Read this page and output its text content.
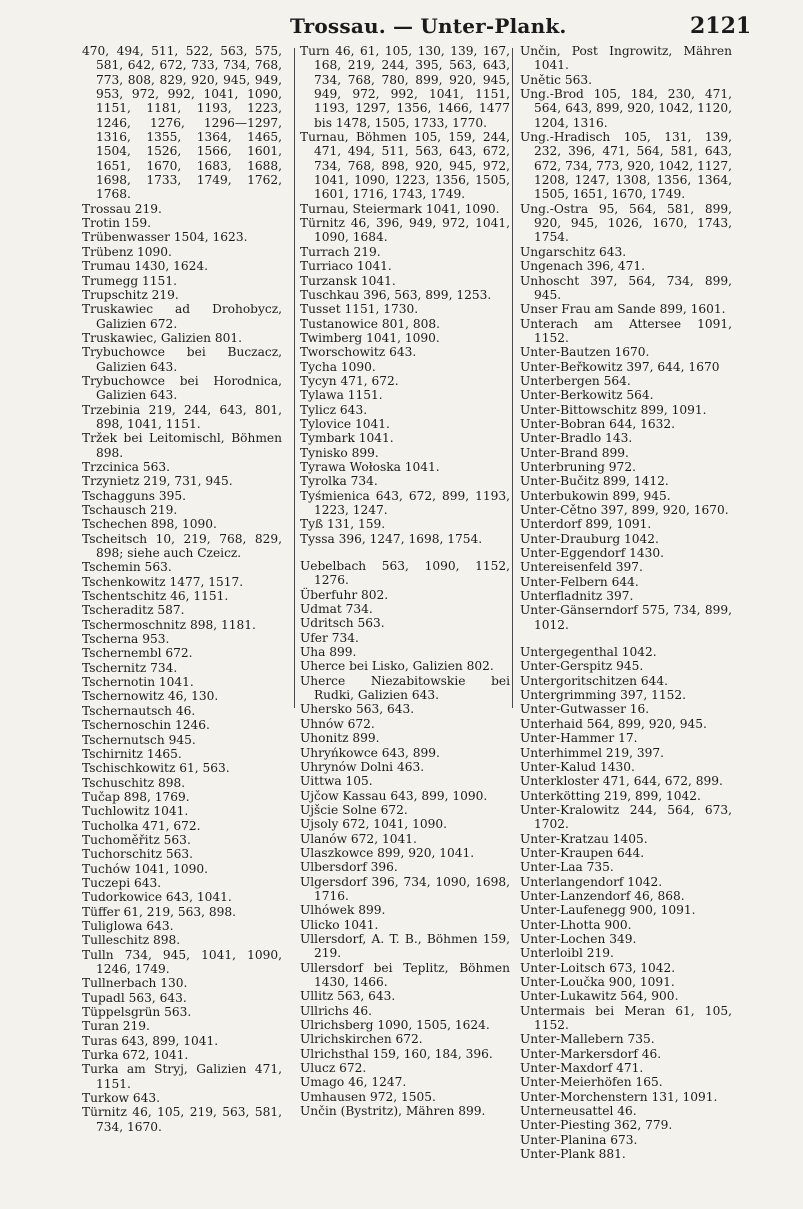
Trossau. — Unter-Plank.	2121
470, 494, 511, 522, 563, 575, 581, 642, 672, 733, 734, 768, 773, 808, 829, 920, 945, 949, 953, 972, 992, 1041, 1090, 1151, 1181, 1193, 1223, 1246, 1276, 1296—1297, 1316, 1355, 1364, 1465, 1504, 1526, 1566, 1601, 1651, 1670, 1683, 1688, 1698, 1733, 1749, 1762, 1768.
Trossau 219.
Trotin 159.
Trübenwasser 1504, 1623.
Trübenz 1090.
Trumau 1430, 1624.
Trumegg 1151.
Trupschitz 219.
Truskawiec ad Drohobycz, Galizien 672.
Truskawiec, Galizien 801.
Trybuchowce bei Buczacz, Galizien 643.
Trybuchowce bei Horodnica, Galizien 643.
Trzebinia 219, 244, 643, 801, 898, 1041, 1151.
Tržek bei Leitomischl, Böhmen 898.
Trzcinica 563.
Trzynietz 219, 731, 945.
Tschagguns 395.
Tschausch 219.
Tschechen 898, 1090.
Tscheitsch 10, 219, 768, 829, 898; siehe auch Czeicz.
Tschemin 563.
Tschenkowitz 1477, 1517.
Tschentschitz 46, 1151.
Tscheraditz 587.
Tschermoschnitz 898, 1181.
Tscherna 953.
Tschernembl 672.
Tschernitz 734.
Tschernotin 1041.
Tschernowitz 46, 130.
Tschernautsch 46.
Tschernoschin 1246.
Tschernutsch 945.
Tschirnitz 1465.
Tschischkowitz 61, 563.
Tschuschitz 898.
Tučap 898, 1769.
Tuchlowitz 1041.
Tucholka 471, 672.
Tuchoměřitz 563.
Tuchorschitz 563.
Tuchów 1041, 1090.
Tuczepi 643.
Tudorkowice 643, 1041.
Tüffer 61, 219, 563, 898.
Tuliglowa 643.
Tulleschitz 898.
Tulln 734, 945, 1041, 1090, 1246, 1749.
Tullnerbach 130.
Tupadl 563, 643.
Tüppelsgrün 563.
Turan 219.
Turas 643, 899, 1041.
Turka 672, 1041.
Turka am Stryj, Galizien 471, 1151.
Turkow 643.
Türnitz 46, 105, 219, 563, 581, 734, 1670.
Turn 46, 61, 105, 130, 139, 167, 168, 219, 244, 395, 563, 643, 734, 768, 780, 899, 920, 945, 949, 972, 992, 1041, 1151, 1193, 1297, 1356, 1466, 1477 bis 1478, 1505, 1733, 1770.
Turnau, Böhmen 105, 159, 244, 471, 494, 511, 563, 643, 672, 734, 768, 898, 920, 945, 972, 1041, 1090, 1223, 1356, 1505, 1601, 1716, 1743, 1749.
Turnau, Steiermark 1041, 1090.
Türnitz 46, 396, 949, 972, 1041, 1090, 1684.
Turrach 219.
Turriaco 1041.
Turzansk 1041.
Tuschkau 396, 563, 899, 1253.
Tusset 1151, 1730.
Tustanowice 801, 808.
Twimberg 1041, 1090.
Tworschowitz 643.
Tycha 1090.
Tycyn 471, 672.
Tylawa 1151.
Tylicz 643.
Tylovice 1041.
Tymbark 1041.
Tynisko 899.
Tyrawa Wołoska 1041.
Tyrolka 734.
Tyśmienica 643, 672, 899, 1193, 1223, 1247.
Tyß 131, 159.
Tyssa 396, 1247, 1698, 1754.
Uebelbach 563, 1090, 1152, 1276.
Überfuhr 802.
Udmat 734.
Udritsch 563.
Ufer 734.
Uha 899.
Uherce bei Lisko, Galizien 802.
Uherce Niezabitowskie bei Rudki, Galizien 643.
Uhersko 563, 643.
Uhnów 672.
Uhonitz 899.
Uhryńkowce 643, 899.
Uhrynów Dolni 463.
Uittwa 105.
Ujčow Kassau 643, 899, 1090.
Ujšcie Solne 672.
Ujsoly 672, 1041, 1090.
Ulanów 672, 1041.
Ulaszkowce 899, 920, 1041.
Ulbersdorf 396.
Ulgersdorf 396, 734, 1090, 1698, 1716.
Ulhówek 899.
Ulicko 1041.
Ullersdorf, A. T. B., Böhmen 159, 219.
Ullersdorf bei Teplitz, Böhmen 1430, 1466.
Ullitz 563, 643.
Ullrichs 46.
Ulrichsberg 1090, 1505, 1624.
Ulrichskirchen 672.
Ulrichsthal 159, 160, 184, 396.
Ulucz 672.
Umago 46, 1247.
Umhausen 972, 1505.
Unčin (Bystritz), Mähren 899.
Unčin, Post Ingrowitz, Mähren 1041.
Unětic 563.
Ung.-Brod 105, 184, 230, 471, 564, 643, 899, 920, 1042, 1120, 1204, 1316.
Ung.-Hradisch 105, 131, 139, 232, 396, 471, 564, 581, 643, 672, 734, 773, 920, 1042, 1127, 1208, 1247, 1308, 1356, 1364, 1505, 1651, 1670, 1749.
Ung.-Ostra 95, 564, 581, 899, 920, 945, 1026, 1670, 1743, 1754.
Ungarschitz 643.
Ungenach 396, 471.
Unhoscht 397, 564, 734, 899, 945.
Unser Frau am Sande 899, 1601.
Unterach am Attersee 1091, 1152.
Unter-Bautzen 1670.
Unter-Beřkowitz 397, 644, 1670
Unterbergen 564.
Unter-Berkowitz 564.
Unter-Bittowschitz 899, 1091.
Unter-Bobran 644, 1632.
Unter-Bradlo 143.
Unter-Brand 899.
Unterbruning 972.
Unter-Bučitz 899, 1412.
Unterbukowin 899, 945.
Unter-Cětno 397, 899, 920, 1670.
Unterdorf 899, 1091.
Unter-Drauburg 1042.
Unter-Eggendorf 1430.
Untereisenfeld 397.
Unter-Felbern 644.
Unterfladnitz 397.
Unter-Gänserndorf 575, 734, 899, 1012.
Untergegenthal 1042.
Unter-Gerspitz 945.
Untergoritschitzen 644.
Untergrimming 397, 1152.
Unter-Gutwasser 16.
Unterhaid 564, 899, 920, 945.
Unter-Hammer 17.
Unterhimmel 219, 397.
Unter-Kalud 1430.
Unterkloster 471, 644, 672, 899.
Unterkötting 219, 899, 1042.
Unter-Kralowitz 244, 564, 673, 1702.
Unter-Kratzau 1405.
Unter-Kraupen 644.
Unter-Laa 735.
Unterlangendorf 1042.
Unter-Lanzendorf 46, 868.
Unter-Laufenegg 900, 1091.
Unter-Lhotta 900.
Unter-Lochen 349.
Unterloibl 219.
Unter-Loitsch 673, 1042.
Unter-Loučka 900, 1091.
Unter-Lukawitz 564, 900.
Untermais bei Meran 61, 105, 1152.
Unter-Mallebern 735.
Unter-Markersdorf 46.
Unter-Maxdorf 471.
Unter-Meierhöfen 165.
Unter-Morchenstern 131, 1091.
Unterneusattel 46.
Unter-Piesting 362, 779.
Unter-Planina 673.
Unter-Plank 881.
